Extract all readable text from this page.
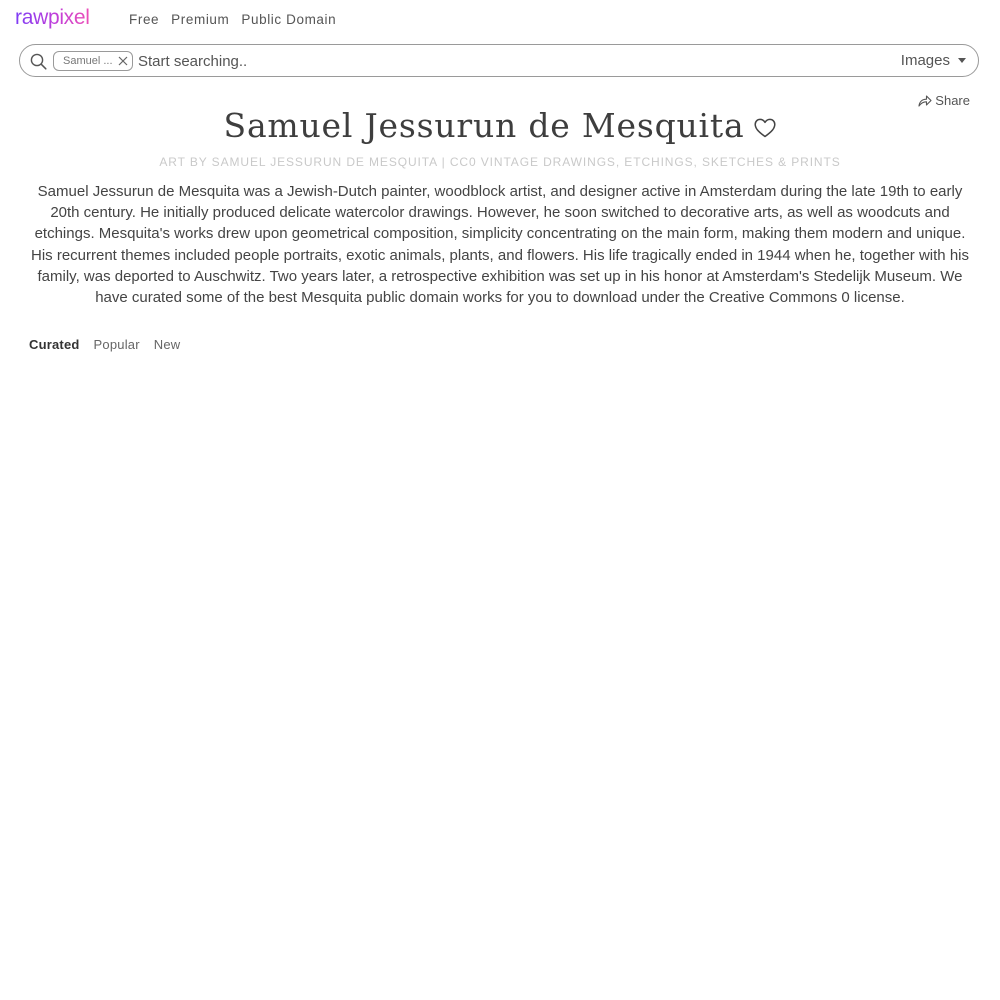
rawpixel	Free Premium Public Domain
Samuel ...
Start searching..	Images
Share
Samuel Jessurun de Mesquita
ART BY SAMUEL JESSURUN DE MESQUITA | CC0 VINTAGE DRAWINGS, ETCHINGS, SKETCHES & PRINTS

Samuel Jessurun de Mesquita was a Jewish-Dutch painter, woodblock artist, and designer active in Amsterdam during the late 19th to early 20th century. He initially produced delicate watercolor drawings. However, he soon switched to decorative arts, as well as woodcuts and etchings. Mesquita's works drew upon geometrical composition, simplicity concentrating on the main form, making them modern and unique. His recurrent themes included people portraits, exotic animals, plants, and flowers. His life tragically ended in 1944 when he, together with his family, was deported to Auschwitz. Two years later, a retrospective exhibition was set up in his honor at Amsterdam's Stedelijk Museum. We have curated some of the best Mesquita public domain works for you to download under the Creative Commons 0 license.

Curated Popular New
